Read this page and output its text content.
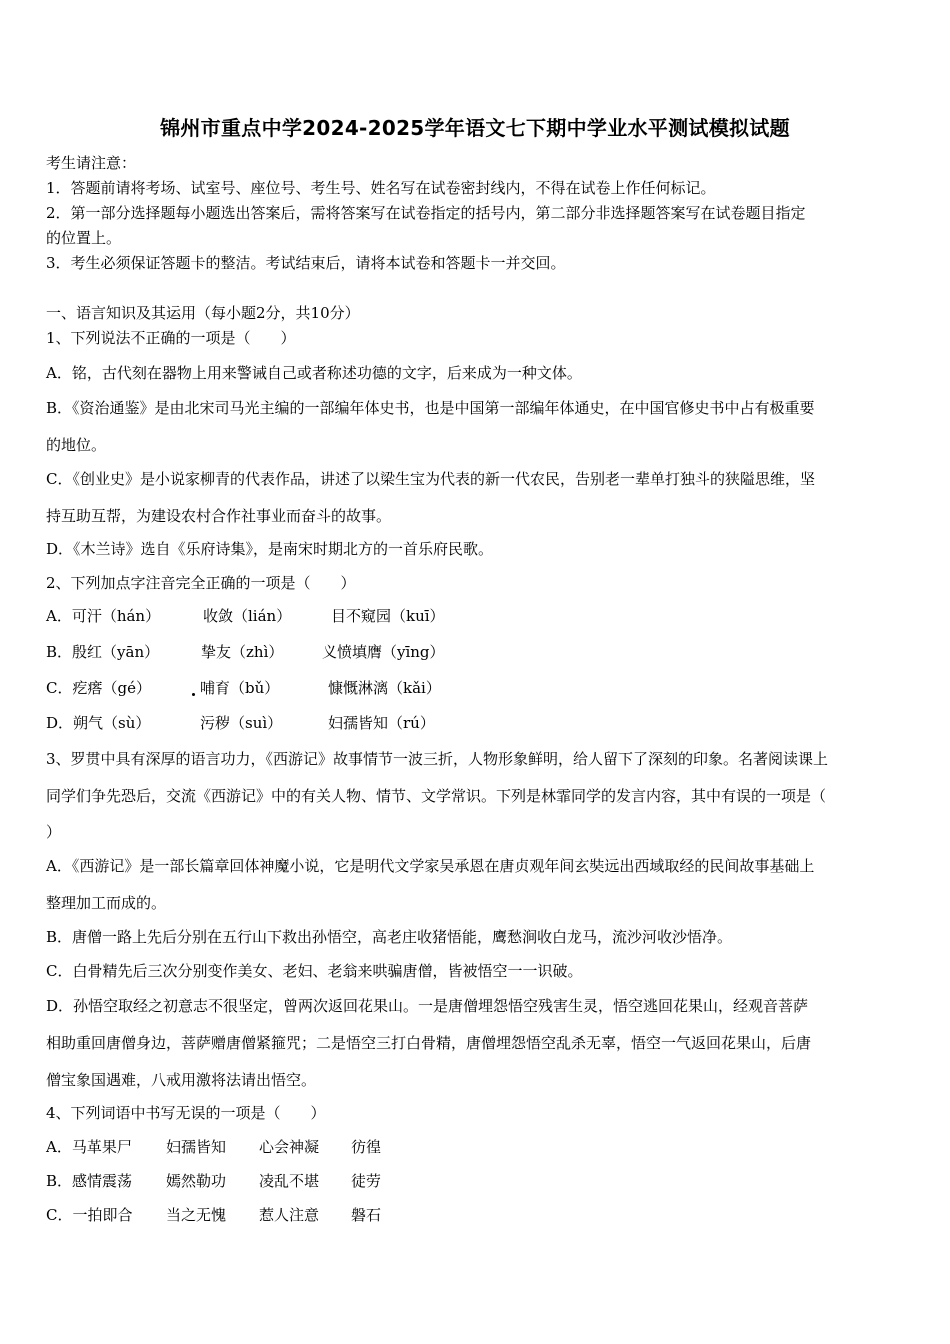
锦州市重点中学2024-2025学年语文七下期中学业水平测试模拟试题
考生请注意：
1．答题前请将考场、试室号、座位号、考生号、姓名写在试卷密封线内，不得在试卷上作任何标记。
2．第一部分选择题每小题选出答案后，需将答案写在试卷指定的括号内，第二部分非选择题答案写在试卷题目指定
的位置上。
3．考生必须保证答题卡的整洁。考试结束后，请将本试卷和答题卡一并交回。
一、语言知识及其运用（每小题2分，共10分）
1、下列说法不正确的一项是（　　）
A．铭，古代刻在器物上用来警诫自己或者称述功德的文字，后来成为一种文体。
B．《资治通鉴》是由北宋司马光主编的一部编年体史书，也是中国第一部编年体通史，在中国官修史书中占有极重要
的地位。
C．《创业史》是小说家柳青的代表作品，讲述了以梁生宝为代表的新一代农民，告别老一辈单打独斗的狭隘思维，坚
持互助互帮，为建设农村合作社事业而奋斗的故事。
D．《木兰诗》选自《乐府诗集》，是南宋时期北方的一首乐府民歌。
2、下列加点字注音完全正确的一项是（　　）
A．可汗（hán）	收敛（lián）	目不窥园（kuī）
B．殷红（yān）	挚友（zhì）	义愤填膺（yīng）
C．疙瘩（gé）	哺育（bǔ）	慷慨淋漓（kǎi）
D．朔气（sù）	污秽（suì）	妇孺皆知（rú）
3、罗贯中具有深厚的语言功力，《西游记》故事情节一波三折，人物形象鲜明，给人留下了深刻的印象。名著阅读课上
同学们争先恐后，交流《西游记》中的有关人物、情节、文学常识。下列是林霏同学的发言内容，其中有误的一项是（
）
A．《西游记》是一部长篇章回体神魔小说，它是明代文学家吴承恩在唐贞观年间玄奘远出西域取经的民间故事基础上
整理加工而成的。
B．唐僧一路上先后分别在五行山下救出孙悟空，高老庄收猪悟能，鹰愁涧收白龙马，流沙河收沙悟净。
C．白骨精先后三次分别变作美女、老妇、老翁来哄骗唐僧，皆被悟空一一识破。
D．孙悟空取经之初意志不很坚定，曾两次返回花果山。一是唐僧埋怨悟空残害生灵，悟空逃回花果山，经观音菩萨
相助重回唐僧身边，菩萨赠唐僧紧箍咒；二是悟空三打白骨精，唐僧埋怨悟空乱杀无辜，悟空一气返回花果山，后唐
僧宝象国遇难，八戒用激将法请出悟空。
4、下列词语中书写无误的一项是（　　）
A．马革果尸 妇孺皆知 心会神凝 彷徨
B．感情震荡 嫣然勒功 凌乱不堪 徒劳
C．一拍即合 当之无愧 惹人注意 磐石
